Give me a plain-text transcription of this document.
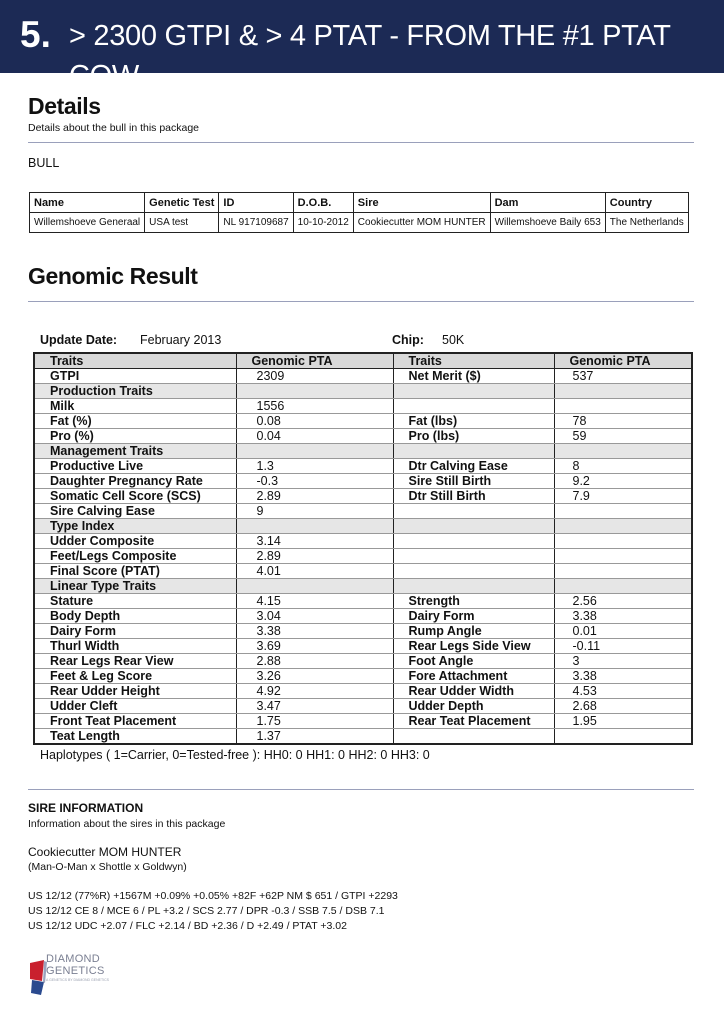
5. > 2300 GTPI & > 4 PTAT - FROM THE #1 PTAT COW
Details
Details about the bull in this package
BULL
Name	Genetic Test	ID	D.O.B.	Sire	Dam	Country
Willemshoeve Generaal	USA test	NL 917109687	10-10-2012	Cookiecutter MOM HUNTER	Willemshoeve Baily 653	The Netherlands
Genomic Result
Update Date: February 2013	Chip: 50K
Traits	Genomic PTA	Traits	Genomic PTA
GTPI	2309	Net Merit ($)	537
Production Traits			
Milk	1556		
Fat (%)	0.08	Fat (lbs)	78
Pro (%)	0.04	Pro (lbs)	59
Management Traits			
Productive Live	1.3	Dtr Calving Ease	8
Daughter Pregnancy Rate	-0.3	Sire Still Birth	9.2
Somatic Cell Score (SCS)	2.89	Dtr Still Birth	7.9
Sire Calving Ease	9		
Type Index			
Udder Composite	3.14		
Feet/Legs Composite	2.89		
Final Score (PTAT)	4.01		
Linear Type Traits			
Stature	4.15	Strength	2.56
Body Depth	3.04	Dairy Form	3.38
Dairy Form	3.38	Rump Angle	0.01
Thurl Width	3.69	Rear Legs Side View	-0.11
Rear Legs Rear View	2.88	Foot Angle	3
Feet & Leg Score	3.26	Fore Attachment	3.38
Rear Udder Height	4.92	Rear Udder Width	4.53
Udder Cleft	3.47	Udder Depth	2.68
Front Teat Placement	1.75	Rear Teat Placement	1.95
Teat Length	1.37		
Haplotypes ( 1=Carrier, 0=Tested-free ): HH0: 0 HH1: 0 HH2: 0 HH3: 0
SIRE INFORMATION
Information about the sires in this package
Cookiecutter MOM HUNTER
(Man-O-Man x Shottle x Goldwyn)
US 12/12 (77%R) +1567M +0.09% +0.05% +82F +62P NM $ 651 / GTPI +2293
US 12/12 CE 8 / MCE 6 / PL +3.2 / SCS 2.77 / DPR -0.3 / SSB 7.5 / DSB 7.1
US 12/12 UDC +2.07 / FLC +2.14 / BD +2.36 / D +2.49 / PTAT +3.02
DIAMOND
GENETICS
A GENETICS BY DIAMOND GENETICS
